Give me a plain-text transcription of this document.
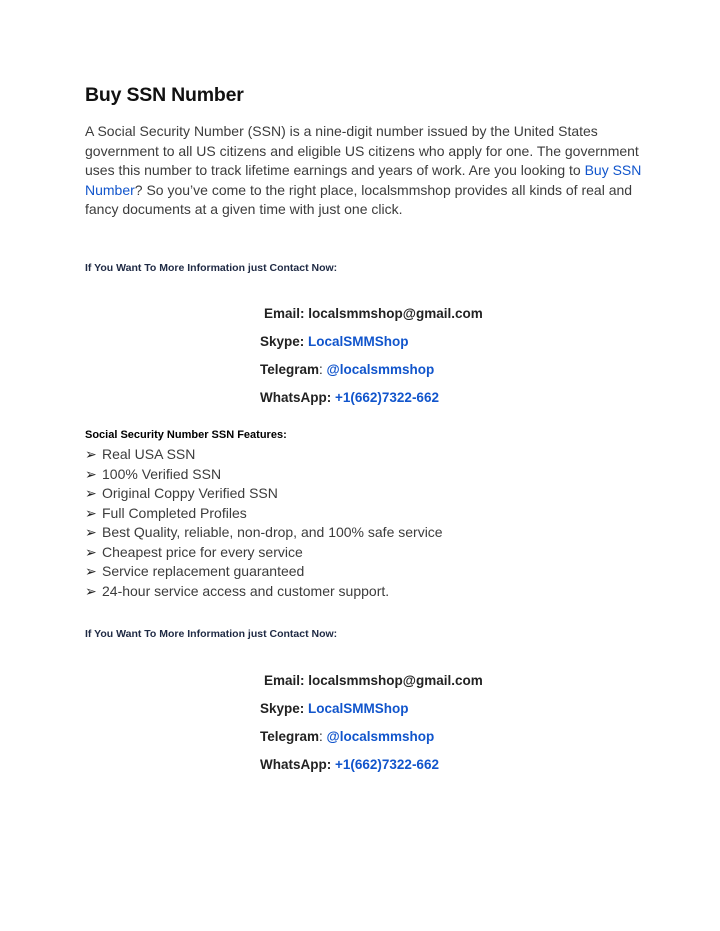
Buy SSN Number

A Social Security Number (SSN) is a nine-digit number issued by the United States government to all US citizens and eligible US citizens who apply for one. The government uses this number to track lifetime earnings and years of work. Are you looking to Buy SSN Number? So you’ve come to the right place, localsmmshop provides all kinds of real and fancy documents at a given time with just one click.

If You Want To More Information just Contact Now:

Email: localsmmshop@gmail.com
Skype: LocalSMMShop
Telegram: @localsmmshop
WhatsApp: +1(662)7322-662

Social Security Number SSN Features:

➢ Real USA SSN
➢ 100% Verified SSN
➢ Original Coppy Verified SSN
➢ Full Completed Profiles
➢ Best Quality, reliable, non-drop, and 100% safe service
➢ Cheapest price for every service
➢ Service replacement guaranteed
➢ 24-hour service access and customer support.

If You Want To More Information just Contact Now:

Email: localsmmshop@gmail.com
Skype: LocalSMMShop
Telegram: @localsmmshop
WhatsApp: +1(662)7322-662
